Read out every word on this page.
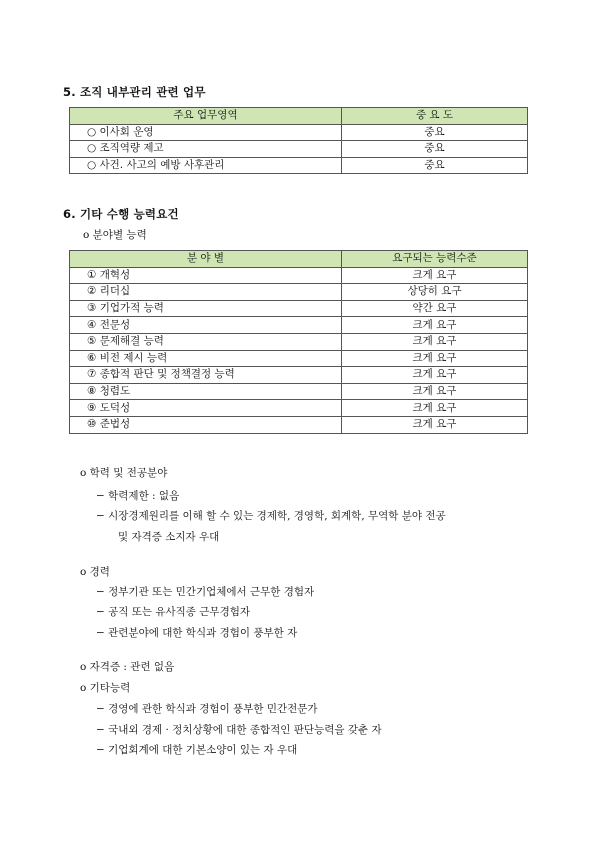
5. 조직 내부관리 관련 업무
주요 업무영역	중 요 도
○ 이사회 운영	중요
○ 조직역량 제고	중요
○ 사건. 사고의 예방 사후관리	중요
6. 기타 수행 능력요건
o 분야별 능력
분 야 별	요구되는 능력수준
① 개혁성	크게 요구
② 리더십	상당히 요구
③ 기업가적 능력	약간 요구
④ 전문성	크게 요구
⑤ 문제해결 능력	크게 요구
⑥ 비전 제시 능력	크게 요구
⑦ 종합적 판단 및 정책결정 능력	크게 요구
⑧ 청렴도	크게 요구
⑨ 도덕성	크게 요구
⑩ 준법성	크게 요구
o 학력 및 전공분야
− 학력제한 : 없음
− 시장경제원리를 이해 할 수 있는 경제학, 경영학, 회계학, 무역학 분야 전공
및 자격증 소지자 우대
o 경력
− 정부기관 또는 민간기업체에서 근무한 경험자
− 공직 또는 유사직종 근무경험자
− 관련분야에 대한 학식과 경험이 풍부한 자
o 자격증 : 관련 없음
o 기타능력
− 경영에 관한 학식과 경험이 풍부한 민간전문가
− 국내외 경제 · 정치상황에 대한 종합적인 판단능력을 갖춘 자
− 기업회계에 대한 기본소양이 있는 자 우대
